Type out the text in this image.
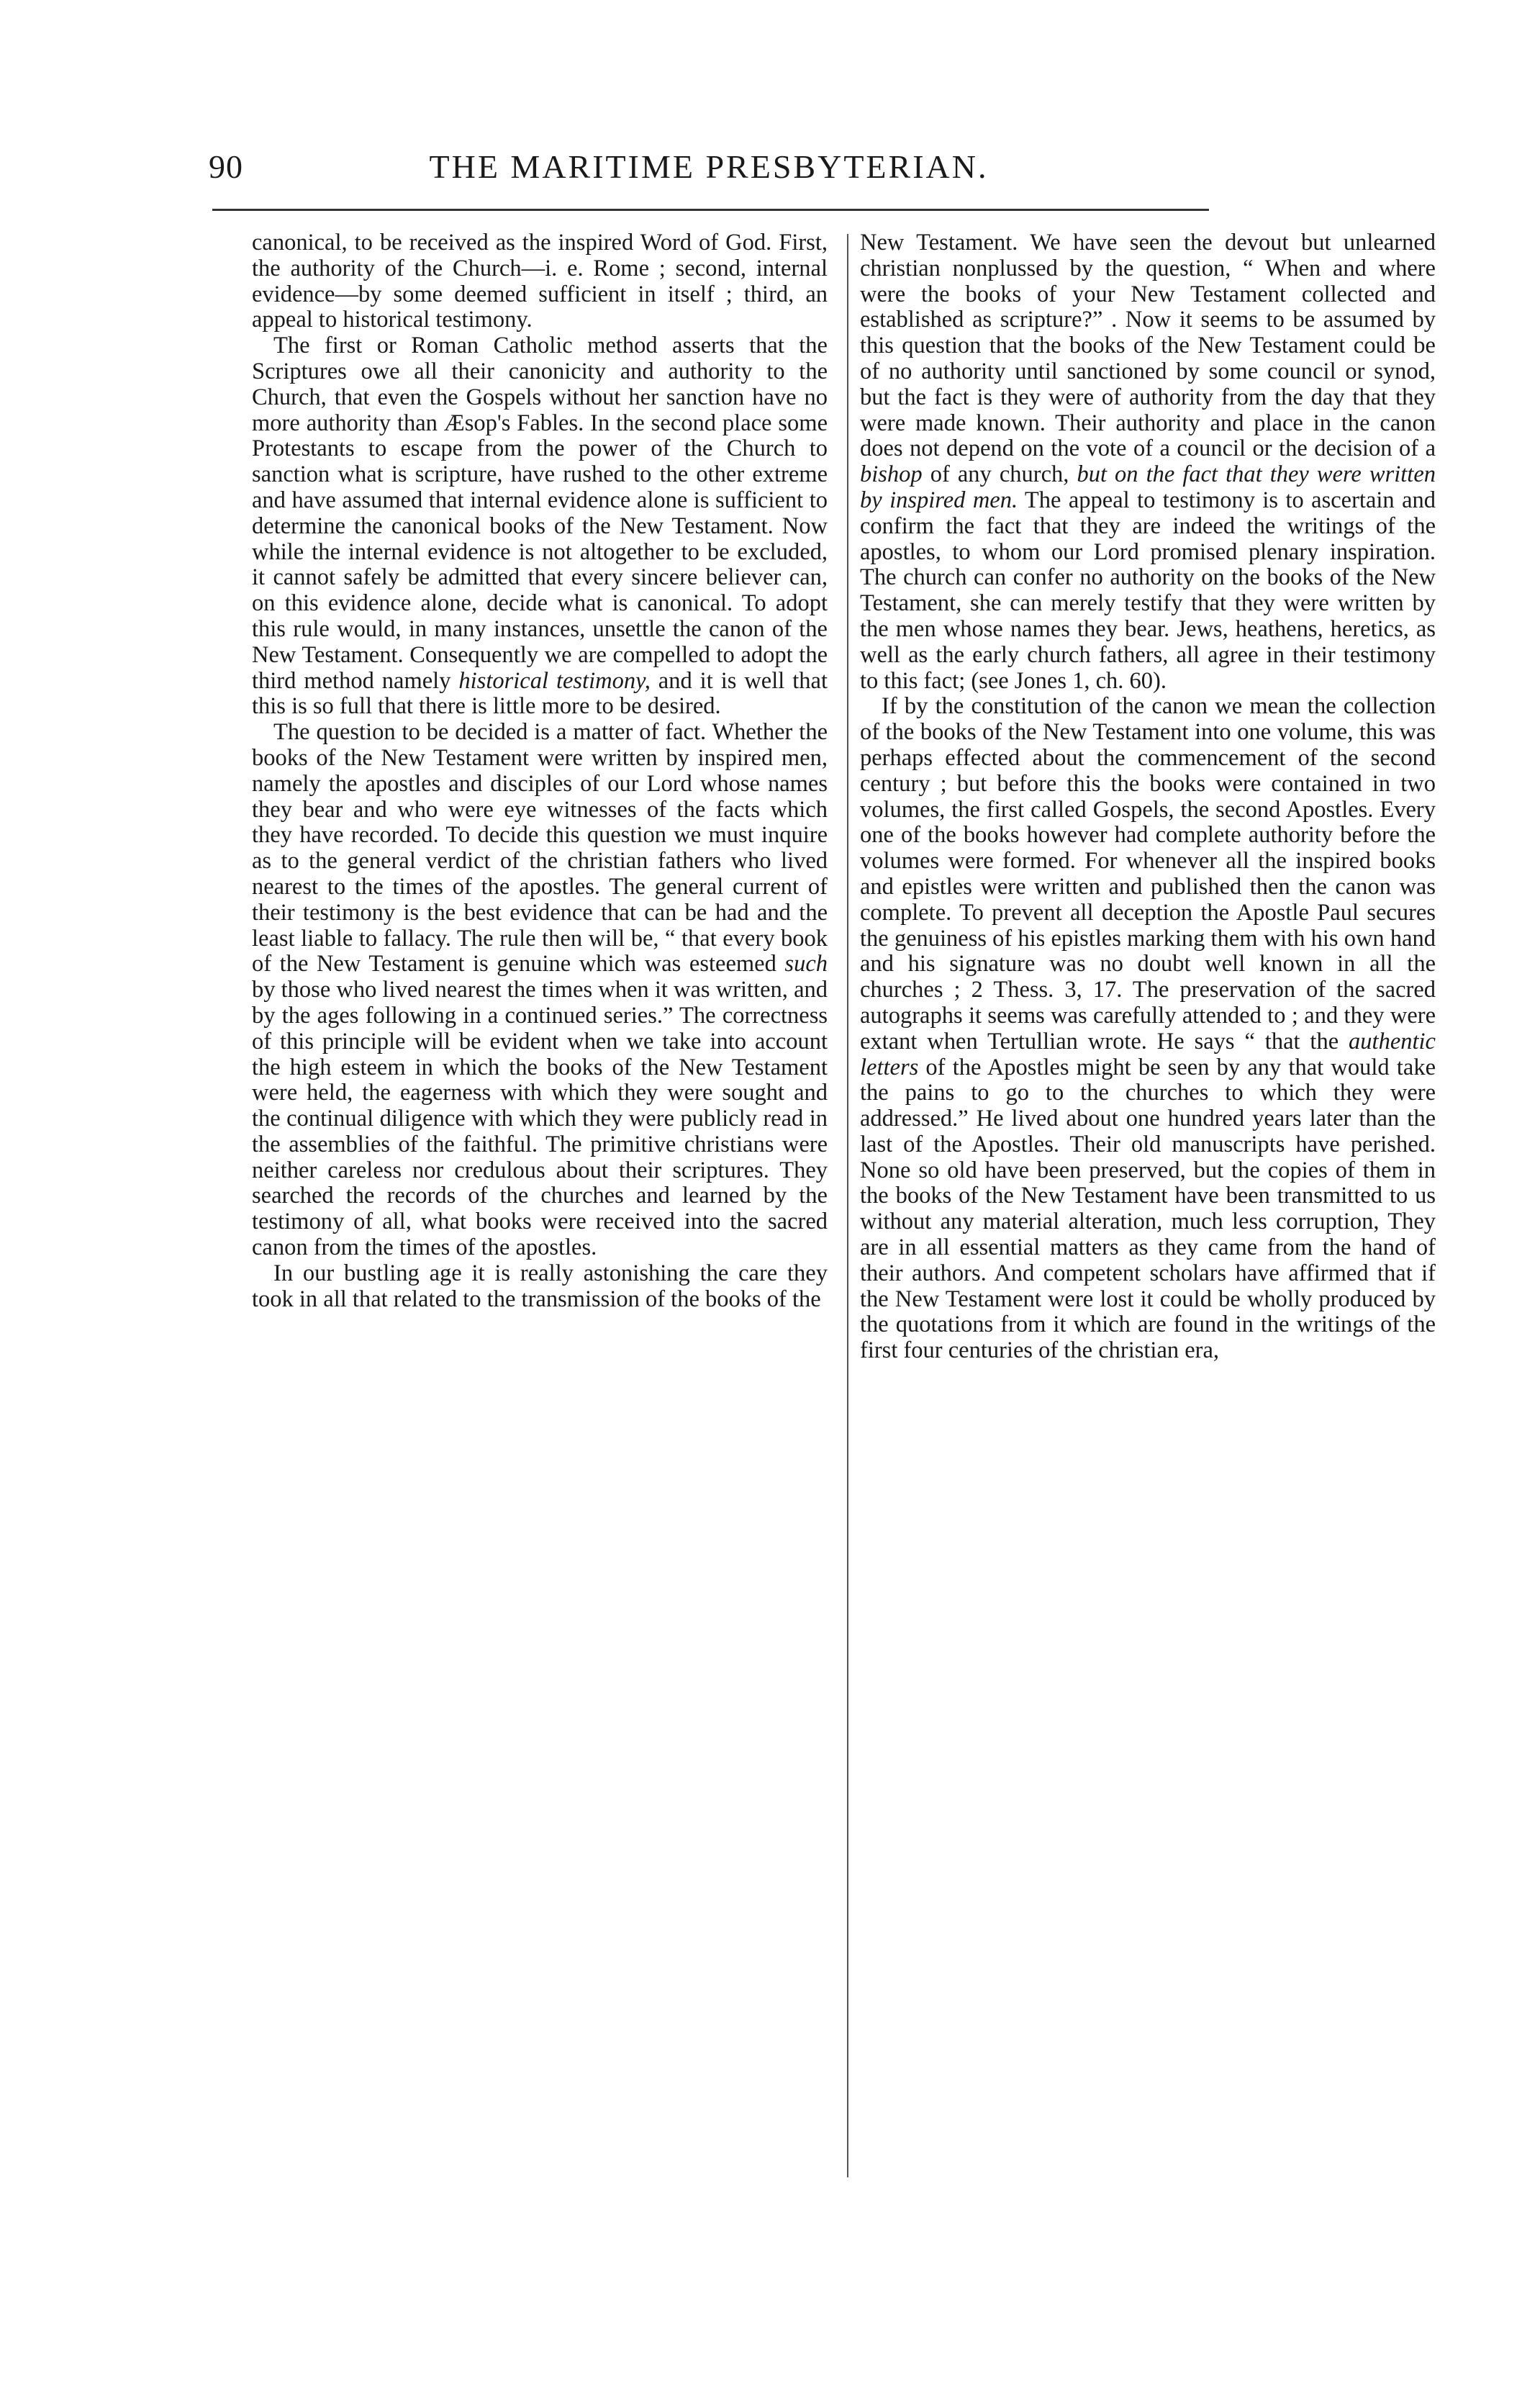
90	THE MARITIME PRESBYTERIAN.

canonical, to be received as the inspired Word of God. First, the authority of the Church—i. e. Rome ; second, internal evidence—by some deemed sufficient in itself ; third, an appeal to historical testimony.

The first or Roman Catholic method asserts that the Scriptures owe all their canonicity and authority to the Church, that even the Gospels without her sanction have no more authority than Æsop's Fables. In the second place some Protestants to escape from the power of the Church to sanction what is scripture, have rushed to the other extreme and have assumed that internal evidence alone is sufficient to determine the canonical books of the New Testament. Now while the internal evidence is not altogether to be excluded, it cannot safely be admitted that every sincere believer can, on this evidence alone, decide what is canonical. To adopt this rule would, in many instances, unsettle the canon of the New Testament. Consequently we are compelled to adopt the third method namely historical testimony, and it is well that this is so full that there is little more to be desired.

The question to be decided is a matter of fact. Whether the books of the New Testament were written by inspired men, namely the apostles and disciples of our Lord whose names they bear and who were eye witnesses of the facts which they have recorded. To decide this question we must inquire as to the general verdict of the christian fathers who lived nearest to the times of the apostles. The general current of their testimony is the best evidence that can be had and the least liable to fallacy. The rule then will be, “ that every book of the New Testament is genuine which was esteemed such by those who lived nearest the times when it was written, and by the ages following in a continued series.” The correctness of this principle will be evident when we take into account the high esteem in which the books of the New Testament were held, the eagerness with which they were sought and the continual diligence with which they were publicly read in the assemblies of the faithful. The primitive christians were neither careless nor credulous about their scriptures. They searched the records of the churches and learned by the testimony of all, what books were received into the sacred canon from the times of the apostles.

In our bustling age it is really astonishing the care they took in all that related to the transmission of the books of the

New Testament. We have seen the devout but unlearned christian nonplussed by the question, “ When and where were the books of your New Testament collected and established as scripture?” . Now it seems to be assumed by this question that the books of the New Testament could be of no authority until sanctioned by some council or synod, but the fact is they were of authority from the day that they were made known. Their authority and place in the canon does not depend on the vote of a council or the decision of a bishop of any church, but on the fact that they were written by inspired men. The appeal to testimony is to ascertain and confirm the fact that they are indeed the writings of the apostles, to whom our Lord promised plenary inspiration. The church can confer no authority on the books of the New Testament, she can merely testify that they were written by the men whose names they bear. Jews, heathens, heretics, as well as the early church fathers, all agree in their testimony to this fact; (see Jones 1, ch. 60).

If by the constitution of the canon we mean the collection of the books of the New Testament into one volume, this was perhaps effected about the commencement of the second century ; but before this the books were contained in two volumes, the first called Gospels, the second Apostles. Every one of the books however had complete authority before the volumes were formed. For whenever all the inspired books and epistles were written and published then the canon was complete. To prevent all deception the Apostle Paul secures the genuiness of his epistles marking them with his own hand and his signature was no doubt well known in all the churches ; 2 Thess. 3, 17. The preservation of the sacred autographs it seems was carefully attended to ; and they were extant when Tertullian wrote. He says “ that the authentic letters of the Apostles might be seen by any that would take the pains to go to the churches to which they were addressed.” He lived about one hundred years later than the last of the Apostles. Their old manuscripts have perished. None so old have been preserved, but the copies of them in the books of the New Testament have been transmitted to us without any material alteration, much less corruption, They are in all essential matters as they came from the hand of their authors. And competent scholars have affirmed that if the New Testament were lost it could be wholly produced by the quotations from it which are found in the writings of the first four centuries of the christian era,
